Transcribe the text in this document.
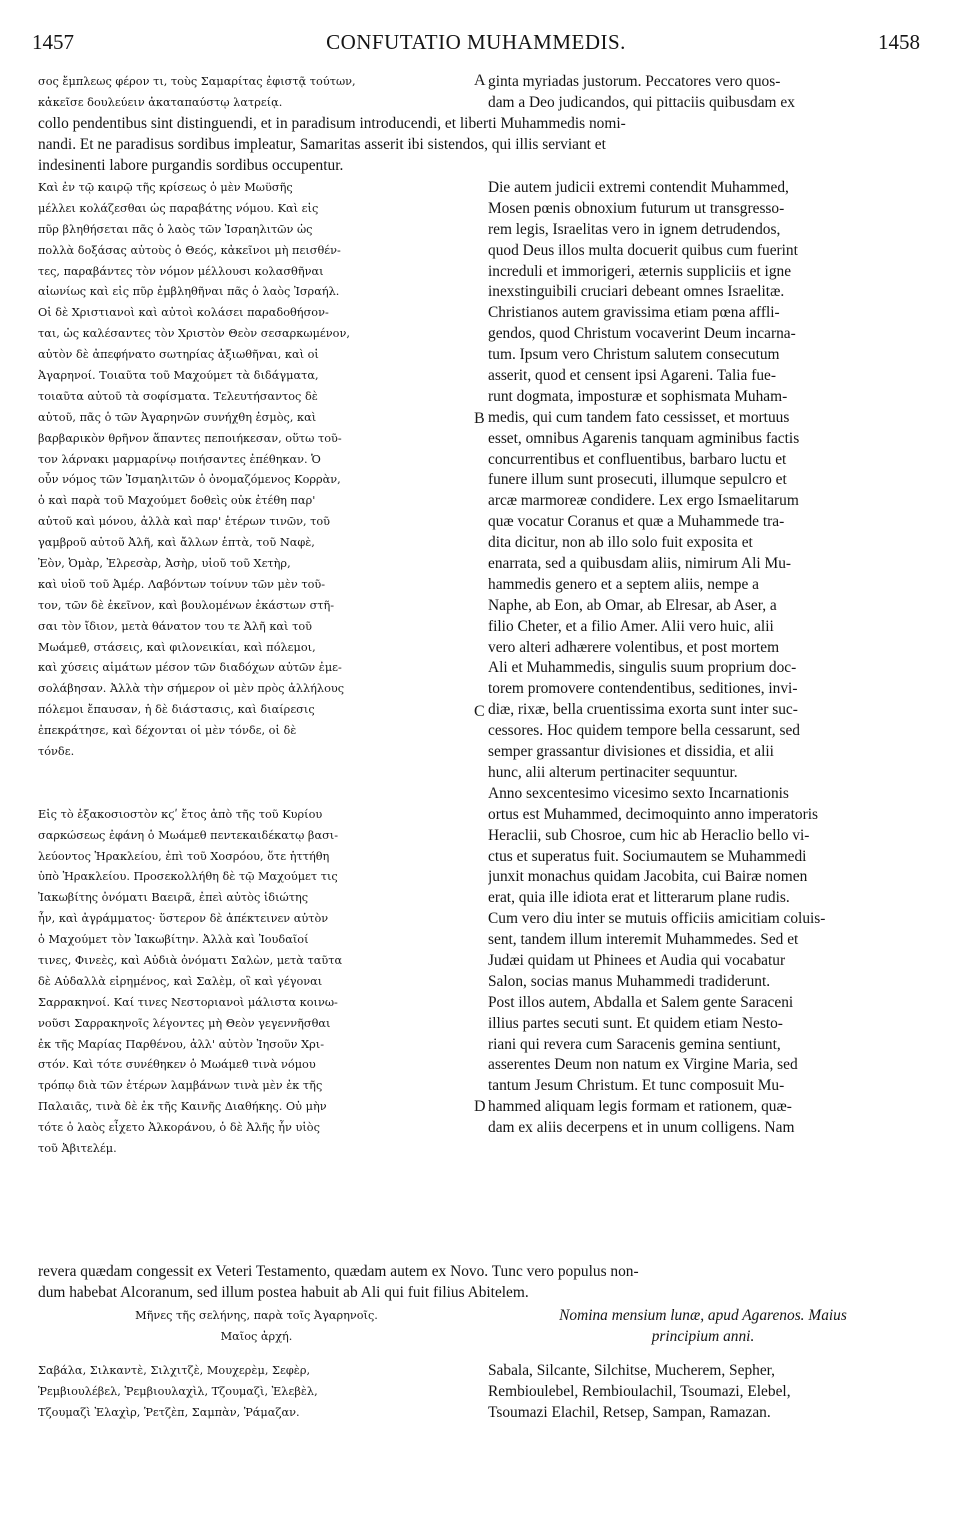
1457	CONFUTATIO MUHAMMEDIS.	1458
σος ἔμπλεως φέρον τι, τοὺς Σαμαρίτας ἐφιστᾷ τούτων,
κἀκεῖσε δουλεύειν ἀκαταπαύστῳ λατρείᾳ.
ginta myriadas justorum. Peccatores vero quos-
dam a Deo judicandos, qui pittaciis quibusdam ex
collo pendentibus sint distinguendi, et in paradisum introducendi, et liberti Muhammedis nomi-
nandi. Et ne paradisus sordibus impleatur, Samaritas asserit ibi sistendos, qui illis serviant et
indesinenti labore purgandis sordibus occupentur.
Καὶ ἐν τῷ καιρῷ τῆς κρίσεως ὁ μὲν Μωϋσῆς
μέλλει κολάζεσθαι ὡς παραβάτης νόμου. Καὶ εἰς
πῦρ βληθήσεται πᾶς ὁ λαὸς τῶν Ἰσραηλιτῶν ὡς
πολλὰ δοξάσας αὐτοὺς ὁ Θεός, κἀκεῖνοι μὴ πεισθέν-
τες, παραβάντες τὸν νόμον μέλλουσι κολασθῆναι
αἰωνίως καὶ εἰς πῦρ ἐμβληθῆναι πᾶς ὁ λαὸς Ἰσραήλ.
Οἱ δὲ Χριστιανοὶ καὶ αὐτοὶ κολάσει παραδοθήσον-
ται, ὡς καλέσαντες τὸν Χριστὸν Θεὸν σεσαρκωμένον,
αὐτὸν δὲ ἀπεφήνατο σωτηρίας ἀξιωθῆναι, καὶ οἱ
Ἀγαρηνοί. Τοιαῦτα τοῦ Μαχούμετ τὰ διδάγματα,
τοιαῦτα αὐτοῦ τὰ σοφίσματα. Τελευτήσαντος δὲ
αὐτοῦ, πᾶς ὁ τῶν Ἀγαρηνῶν συνήχθη ἑσμὸς, καὶ
βαρβαρικὸν θρῆνον ἅπαντες πεποιήκεσαν, οὕτω τοῦ-
τον λάρνακι μαρμαρίνῳ ποιήσαντες ἐπέθηκαν. Ὁ
οὖν νόμος τῶν Ἰσμαηλιτῶν ὁ ὀνομαζόμενος Κορρὰν,
ὁ καὶ παρὰ τοῦ Μαχούμετ δοθεὶς οὐκ ἐτέθη παρ'
αὐτοῦ καὶ μόνου, ἀλλὰ καὶ παρ' ἑτέρων τινῶν, τοῦ
γαμβροῦ αὐτοῦ Ἀλῆ, καὶ ἄλλων ἑπτὰ, τοῦ Ναφὲ,
Ἐὸν, Ὀμὰρ, Ἐλρεσὰρ, Ἀσὴρ, υἱοῦ τοῦ Χετὴρ,
καὶ υἱοῦ τοῦ Ἀμέρ. Λαβόντων τοίνυν τῶν μὲν τοῦ-
τον, τῶν δὲ ἐκεῖνον, καὶ βουλομένων ἑκάστων στῆ-
σαι τὸν ἴδιον, μετὰ θάνατον του τε Ἀλῆ καὶ τοῦ
Μωάμεθ, στάσεις, καὶ φιλονεικίαι, καὶ πόλεμοι,
καὶ χύσεις αἱμάτων μέσον τῶν διαδόχων αὐτῶν ἐμε-
σολάβησαν. Ἀλλὰ τὴν σήμερον οἱ μὲν πρὸς ἀλλήλους
πόλεμοι ἔπαυσαν, ἡ δὲ διάστασις, καὶ διαίρεσις
ἐπεκράτησε, καὶ δέχονται οἱ μὲν τόνδε, οἱ δὲ
τόνδε.

Εἰς τὸ ἑξακοσιοστὸν κϛʹ ἔτος ἀπὸ τῆς τοῦ Κυρίου
σαρκώσεως ἐφάνη ὁ Μωάμεθ πεντεκαιδέκατῳ βασι-
λεύοντος Ἡρακλείου, ἐπὶ τοῦ Χοσρόου, ὅτε ἡττήθη
ὑπὸ Ἡρακλείου. Προσεκολλήθη δὲ τῷ Μαχούμετ τις
Ἰακωβίτης ὀνόματι Βαειρᾶ, ἐπεὶ αὐτὸς ἰδιώτης
ἦν, καὶ ἀγράμματος· ὕστερον δὲ ἀπέκτεινεν αὐτὸν
ὁ Μαχούμετ τὸν Ἰακωβίτην. Ἀλλὰ καὶ Ἰουδαῖοί
τινες, Φινεὲς, καὶ Αὐδιὰ ὀνόματι Σαλὼν, μετὰ ταῦτα
δὲ Αὐδαλλὰ εἰρημένος, καὶ Σαλὲμ, οἳ καὶ γέγοναι
Σαρρακηνοί. Καί τινες Νεστοριανοὶ μάλιστα κοινω-
νοῦσι Σαρρακηνοῖς λέγοντες μὴ Θεὸν γεγεννῆσθαι
ἐκ τῆς Μαρίας Παρθένου, ἀλλ' αὐτὸν Ἰησοῦν Χρι-
στόν. Καὶ τότε συνέθηκεν ὁ Μωάμεθ τινὰ νόμου
τρόπῳ διὰ τῶν ἑτέρων λαμβάνων τινὰ μὲν ἐκ τῆς
Παλαιᾶς, τινὰ δὲ ἐκ τῆς Καινῆς Διαθήκης. Οὐ μὴν
τότε ὁ λαὸς εἶχετο Ἀλκοράνου, ὁ δὲ Ἀλῆς ἦν υἱὸς
τοῦ Ἀβιτελέμ.
Die autem judicii extremi contendit Muhammed,
Mosen pœnis obnoxium futurum ut transgresso-
rem legis, Israelitas vero in ignem detrudendos,
quod Deus illos multa docuerit quibus cum fuerint
increduli et immorigeri, æternis suppliciis et igne
inexstinguibili cruciari debeant omnes Israelitæ.
Christianos autem gravissima etiam pœna affli-
gendos, quod Christum vocaverint Deum incarna-
tum. Ipsum vero Christum salutem consecutum
asserit, quod et censent ipsi Agareni. Talia fue-
runt dogmata, imposturæ et sophismata Muham-
medis, qui cum tandem fato cessisset, et mortuus
esset, omnibus Agarenis tanquam agminibus factis
concurrentibus et confluentibus, barbaro luctu et
funere illum sunt prosecuti, illumque sepulcro et
arcæ marmoreæ condidere. Lex ergo Ismaelitarum
quæ vocatur Coranus et quæ a Muhammede tra-
dita dicitur, non ab illo solo fuit exposita et
enarrata, sed a quibusdam aliis, nimirum Ali Mu-
hammedis genero et a septem aliis, nempe a
Naphe, ab Eon, ab Omar, ab Elresar, ab Aser, a
filio Cheter, et a filio Amer. Alii vero huic, alii
vero alteri adhærere volentibus, et post mortem
Ali et Muhammedis, singulis suum proprium doc-
torem promovere contendentibus, seditiones, invi-
diæ, rixæ, bella cruentissima exorta sunt inter suc-
cessores. Hoc quidem tempore bella cessarunt, sed
semper grassantur divisiones et dissidia, et alii
hunc, alii alterum pertinaciter sequuntur.
Anno sexcentesimo vicesimo sexto Incarnationis
ortus est Muhammed, decimoquinto anno imperatoris
Heraclii, sub Chosroe, cum hic ab Heraclio bello vi-
ctus et superatus fuit. Sociumautem se Muhammedi
junxit monachus quidam Jacobita, cui Bairæ nomen
erat, quia ille idiota erat et litterarum plane rudis.
Cum vero diu inter se mutuis officiis amicitiam coluis-
sent, tandem illum interemit Muhammedes. Sed et
Judæi quidam ut Phinees et Audia qui vocabatur
Salon, socias manus Muhammedi tradiderunt.
Post illos autem, Abdalla et Salem gente Saraceni
illius partes secuti sunt. Et quidem etiam Nesto-
riani qui revera cum Saracenis gemina sentiunt,
asserentes Deum non natum ex Virgine Maria, sed
tantum Jesum Christum. Et tunc composuit Mu-
hammed aliquam legis formam et rationem, quæ-
dam ex aliis decerpens et in unum colligens. Nam
revera quædam congessit ex Veteri Testamento, quædam autem ex Novo. Tunc vero populus non-
dum habebat Alcoranum, sed illum postea habuit ab Ali qui fuit filius Abitelem.
Μῆνες τῆς σελήνης, παρὰ τοῖς Ἀγαρηνοῖς.
Μαῖος ἀρχή.
Nomina mensium lunæ, apud Agarenos. Maius
principium anni.
Σαβάλα, Σιλκαντὲ, Σιλχιτζὲ, Μουχερὲμ, Σεφὲρ,
Ῥεμβιουλέβελ, Ῥεμβιουλαχὶλ, Τζουμαζὶ, Ἐλεβὲλ,
Τζουμαζὶ Ἐλαχὶρ, Ῥετζὲπ, Σαμπὰν, Ῥάμαζαν.
Sabala, Silcante, Silchitse, Mucherem, Sepher,
Rembioulebel, Rembioulachil, Tsoumazi, Elebel,
Tsoumazi Elachil, Retsep, Sampan, Ramazan.
A
B
C
D
